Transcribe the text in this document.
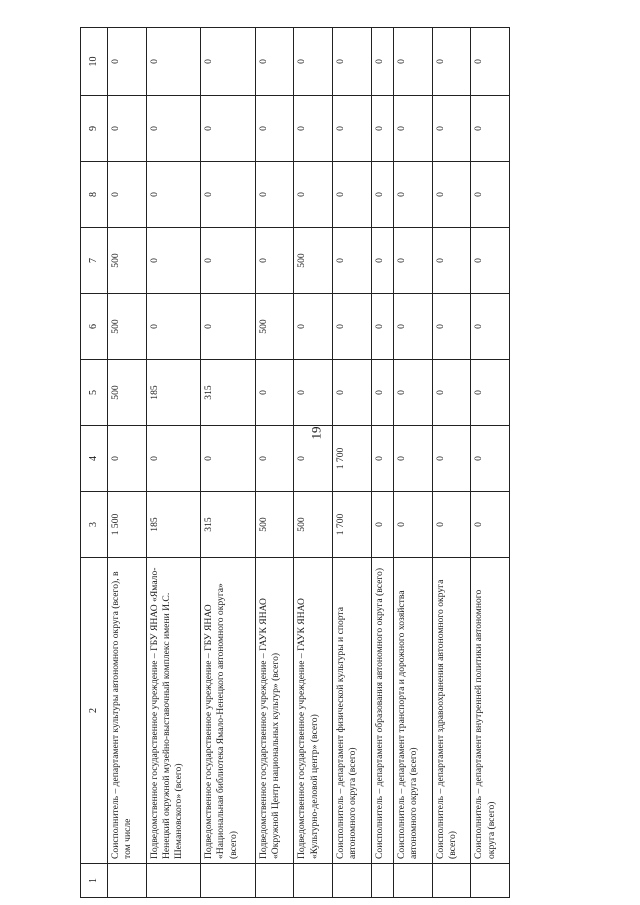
19
1	2	3	4	5	6	7	8	9	10
	Соисполнитель – департамент культуры автономного округа (всего), в том числе	1 500	0	500	500	500	0	0	0
	Подведомственное государственное учреждение – ГБУ ЯНАО «Ямало-Ненецкий окружной музейно-выставочный комплекс имени И.С. Шемановского» (всего)	185	0	185	0	0	0	0	0
	Подведомственное государственное учреждение – ГБУ ЯНАО «Национальная библиотека Ямало-Ненецкого автономного округа» (всего)	315	0	315	0	0	0	0	0
	Подведомственное государственное учреждение – ГАУК ЯНАО «Окружной Центр национальных культур» (всего)	500	0	0	500	0	0	0	0
	Подведомственное государственное учреждение – ГАУК ЯНАО «Культурно-деловой центр» (всего)	500	0	0	0	500	0	0	0
	Соисполнитель – департамент физической культуры и спорта автономного округа (всего)	1 700	1 700	0	0	0	0	0	0
	Соисполнитель – департамент образования автономного округа (всего)	0	0	0	0	0	0	0	0
	Соисполнитель – департамент транспорта и дорожного хозяйства автономного округа (всего)	0	0	0	0	0	0	0	0
	Соисполнитель – департамент здравоохранения автономного округа (всего)	0	0	0	0	0	0	0	0
	Соисполнитель – департамент внутренней политики автономного округа (всего)	0	0	0	0	0	0	0	0
